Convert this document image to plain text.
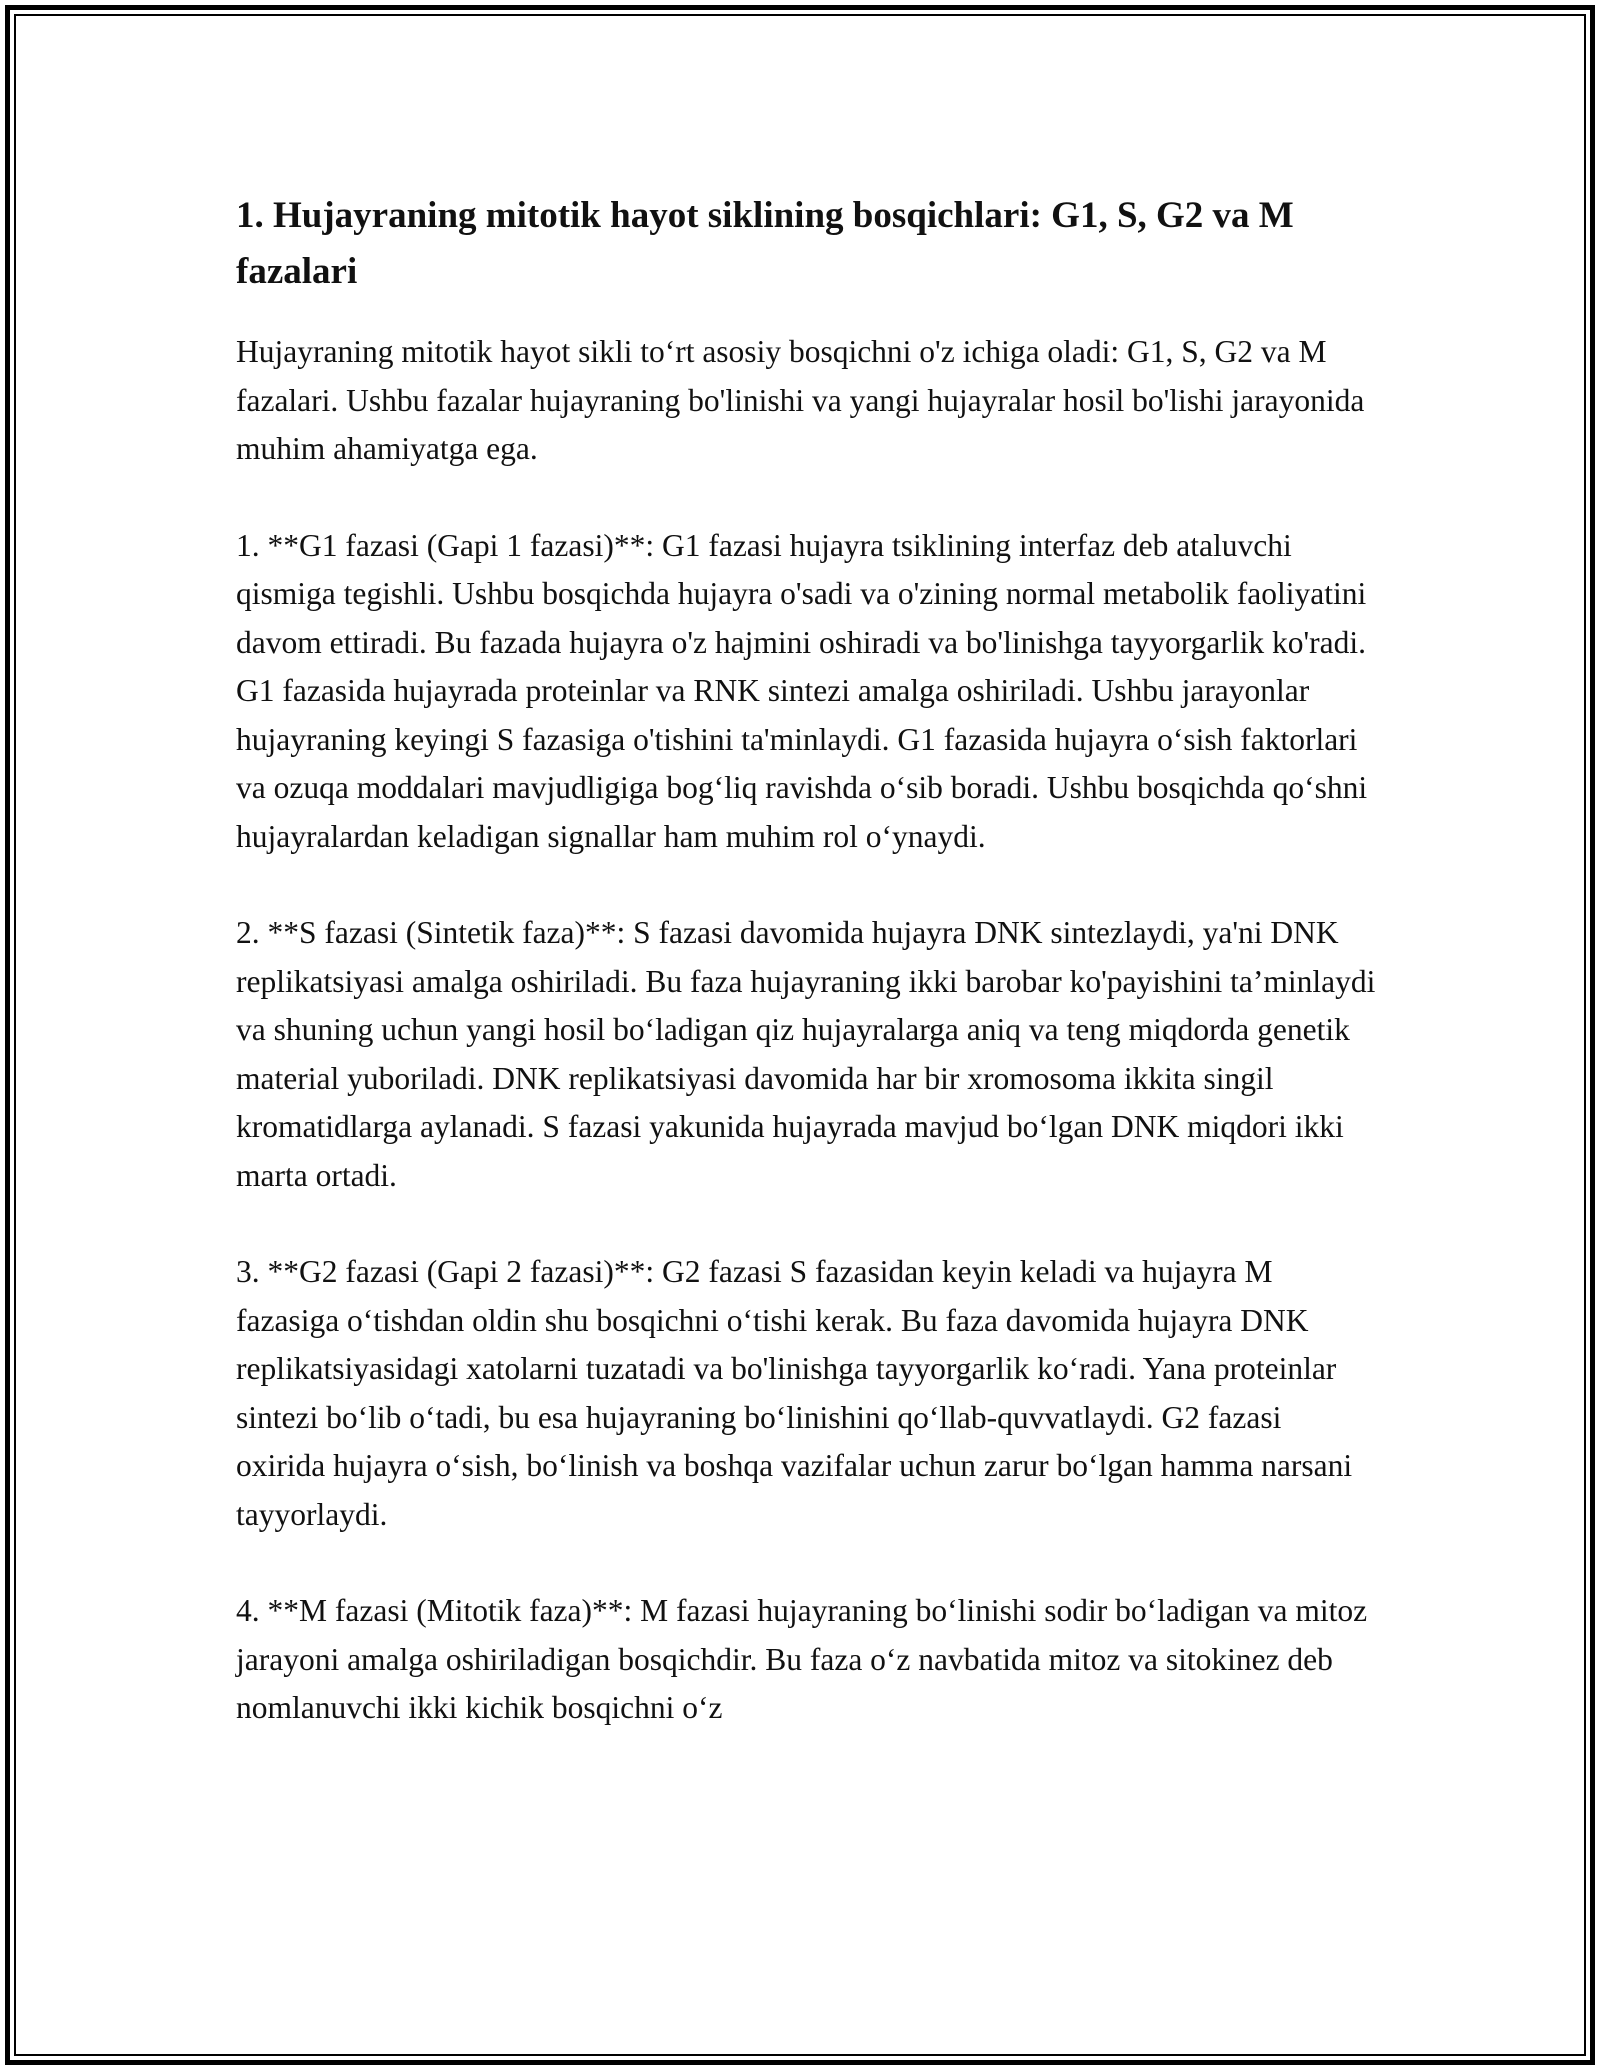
1. Hujayraning mitotik hayot siklining bosqichlari: G1, S, G2 va M fazalari

Hujayraning mitotik hayot sikli to‘rt asosiy bosqichni o'z ichiga oladi: G1, S, G2 va M fazalari. Ushbu fazalar hujayraning bo'linishi va yangi hujayralar hosil bo'lishi jarayonida muhim ahamiyatga ega.

1. **G1 fazasi (Gapi 1 fazasi)**: G1 fazasi hujayra tsiklining interfaz deb ataluvchi qismiga tegishli. Ushbu bosqichda hujayra o'sadi va o'zining normal metabolik faoliyatini davom ettiradi. Bu fazada hujayra o'z hajmini oshiradi va bo'linishga tayyorgarlik ko'radi. G1 fazasida hujayrada proteinlar va RNK sintezi amalga oshiriladi. Ushbu jarayonlar hujayraning keyingi S fazasiga o'tishini ta'minlaydi. G1 fazasida hujayra o‘sish faktorlari va ozuqa moddalari mavjudligiga bog‘liq ravishda o‘sib boradi. Ushbu bosqichda qo‘shni hujayralardan keladigan signallar ham muhim rol o‘ynaydi.

2. **S fazasi (Sintetik faza)**: S fazasi davomida hujayra DNK sintezlaydi, ya'ni DNK replikatsiyasi amalga oshiriladi. Bu faza hujayraning ikki barobar ko'payishini ta’minlaydi va shuning uchun yangi hosil bo‘ladigan qiz hujayralarga aniq va teng miqdorda genetik material yuboriladi. DNK replikatsiyasi davomida har bir xromosoma ikkita singil kromatidlarga aylanadi. S fazasi yakunida hujayrada mavjud bo‘lgan DNK miqdori ikki marta ortadi.

3. **G2 fazasi (Gapi 2 fazasi)**: G2 fazasi S fazasidan keyin keladi va hujayra M fazasiga o‘tishdan oldin shu bosqichni o‘tishi kerak. Bu faza davomida hujayra DNK replikatsiyasidagi xatolarni tuzatadi va bo'linishga tayyorgarlik ko‘radi. Yana proteinlar sintezi bo‘lib o‘tadi, bu esa hujayraning bo‘linishini qo‘llab-quvvatlaydi. G2 fazasi oxirida hujayra o‘sish, bo‘linish va boshqa vazifalar uchun zarur bo‘lgan hamma narsani tayyorlaydi.

4. **M fazasi (Mitotik faza)**: M fazasi hujayraning bo‘linishi sodir bo‘ladigan va mitoz jarayoni amalga oshiriladigan bosqichdir. Bu faza o‘z navbatida mitoz va sitokinez deb nomlanuvchi ikki kichik bosqichni o‘z
